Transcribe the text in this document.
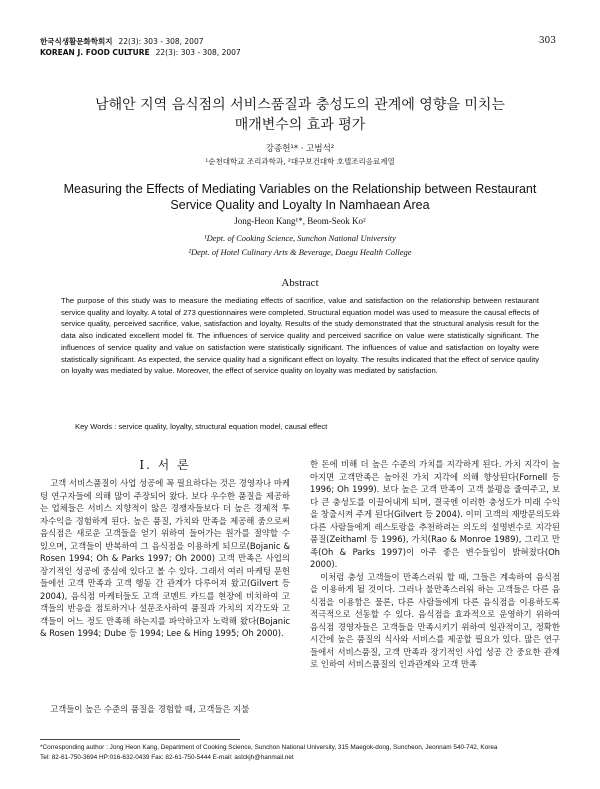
한국식생활문화학회지 22(3): 303 - 308, 2007
KOREAN J. FOOD CULTURE 22(3): 303 - 308, 2007
303
남해안 지역 음식점의 서비스품질과 충성도의 관계에 영향을 미치는
매개변수의 효과 평가
강종헌¹* · 고범석²
¹순천대학교 조리과학과, ²대구보건대학 호텔조리음료계열
Measuring the Effects of Mediating Variables on the Relationship between Restaurant
Service Quality and Loyalty In Namhaean Area
Jong-Heon Kang¹*, Beom-Seok Ko²
¹Dept. of Cooking Science, Sunchon National University
²Dept. of Hotel Culinary Arts & Beverage, Daegu Health College
Abstract
The purpose of this study was to measure the mediating effects of sacrifice, value and satisfaction on the relationship between restaurant service quality and loyalty. A total of 273 questionnaires were completed. Structural equation model was used to measure the causal effects of service quality, perceived sacrifice, value, satisfaction and loyalty. Results of the study demonstrated that the structural analysis result for the data also indicated excellent model fit. The influences of service quality and perceived sacrifice on value were statistically significant. The influences of service quality and value on satisfaction were statistically significant. The influences of value and satisfaction on loyalty were statistically significant. As expected, the service quality had a significant effect on loyalty. The results indicated that the effect of service qaulity on loyalty was mediated by value. Moreover, the effect of service quality on loyalty was mediated by satisfaction.
Key Words : service quality, loyalty, structural equation model, causal effect
I. 서 론

고객 서비스품질이 사업 성공에 꼭 필요하다는 것은 경영자나 마케팅 연구자들에 의해 많이 주장되어 왔다. 보다 우수한 품질을 제공하는 업체들은 서비스 지향적이 않은 경쟁자들보다 더 높은 경제적 투자수익을 경험하게 된다. 높은 품질, 가치와 만족을 제공해 줌으로써 음식점은 새로운 고객들을 얻기 위하여 들어가는 원가를 절약할 수 있으며, 고객들이 반복하여 그 음식점을 이용하게 되므로(Bojanic & Rosen 1994; Oh & Parks 1997; Oh 2000) 고객 만족은 사업의 장기적인 성공에 중심에 있다고 볼 수 있다. 그래서 여러 마케팅 문헌들에선 고객 만족과 고객 행동 간 관계가 다루어져 왔고(Gilvert 등 2004), 음식점 마케터들도 고객 코멘트 카드를 현장에 비치하여 고객들의 반응을 점토하거나 설문조사하여 품질과 가치의 지각도와 고객들이 어느 정도 만족해 하는지를 파악하고자 노력해 왔다(Bojanic & Rosen 1994; Dube 등 1994; Lee & Hing 1995; Oh 2000).

고객들이 높은 수준의 품질을 경험할 때, 고객들은 지불

한 돈에 비해 더 높은 수준의 가치를 지각하게 된다. 가치 지각이 높아지면 고객만족은 높아진 가치 지각에 의해 향상된다(Fornell 등 1996; Oh 1999). 보다 높은 고객 만족이 고객 불평을 줄여주고, 보다 큰 충성도를 이끌어내게 되며, 결국엔 이러한 충성도가 미래 수익을 창출시켜 주게 된다(Gilvert 등 2004). 이미 고객의 재방문의도와 다른 사람들에게 레스토랑을 추천하려는 의도의 설명변수로 지각된 품질(Zeithaml 등 1996), 가치(Rao & Monroe 1989), 그리고 만족(Oh & Parks 1997)이 아주 좋은 변수들임이 밝혀졌다(Oh 2000).

이처럼 충성 고객들이 만족스러워 할 때, 그들은 계속하여 음식점을 이용하게 될 것이다. 그러나 불만족스러워 하는 고객들은 다른 음식점을 이용함은 물론, 다른 사람들에게 다른 음식점을 이용하도록 적극적으로 선동할 수 있다. 음식점을 효과적으로 운영하기 위하여 음식점 경영자들은 고객들을 만족시키기 위하여 일관적이고, 정확한 시간에 높은 품질의 식사와 서비스를 제공할 필요가 있다. 많은 연구들에서 서비스품질, 고객 만족과 장기적인 사업 성공 간 중요한 관계로 인하여 서비스품질의 인과관계와 고객 만족

*Corresponding author : Jong Heon Kang, Department of Cooking Science, Sunchon National University, 315 Maegok-dong, Suncheon, Jeonnam 540-742, Korea
Tel: 82-61-750-3694 HP:016-632-0439 Fax: 82-61-750-5444 E-mail: astckjh@hanmail.net
